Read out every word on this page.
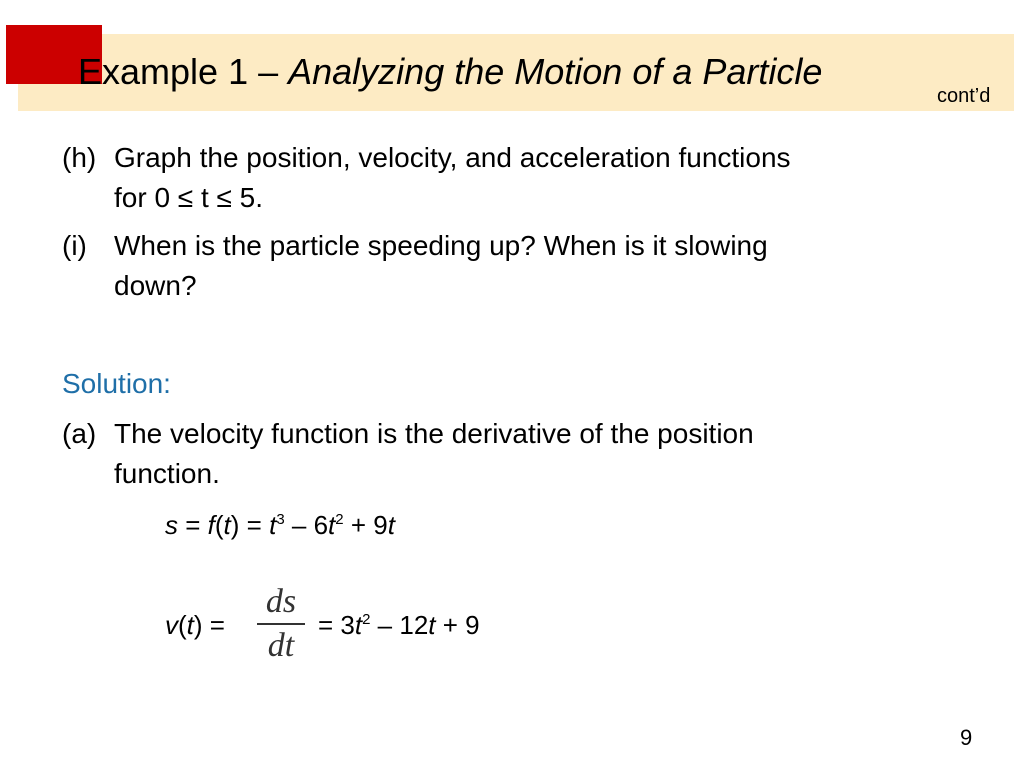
Example 1 – Analyzing the Motion of a Particle
cont’d

(h) Graph the position, velocity, and acceleration functions
for 0 ≤ t ≤ 5.

(i) When is the particle speeding up? When is it slowing
down?

Solution:

(a) The velocity function is the derivative of the position
function.

$s = f(t) = t^3 - 6t^2 + 9t$
v(t) =
ds
dt
= $3t^2 - 12t + 9$
9
